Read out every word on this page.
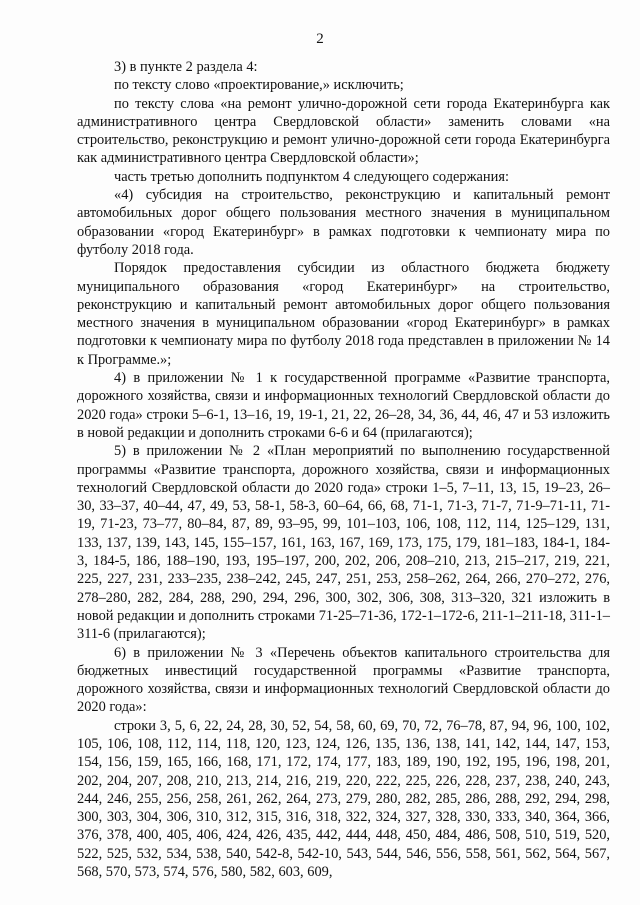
2

3) в пункте 2 раздела 4:

по тексту слово «проектирование,» исключить;

по тексту слова «на ремонт улично-дорожной сети города Екатеринбурга как административного центра Свердловской области» заменить словами «на строительство, реконструкцию и ремонт улично-дорожной сети города Екатеринбурга как административного центра Свердловской области»;

часть третью дополнить подпунктом 4 следующего содержания:

«4) субсидия на строительство, реконструкцию и капитальный ремонт автомобильных дорог общего пользования местного значения в муниципальном образовании «город Екатеринбург» в рамках подготовки к чемпионату мира по футболу 2018 года.

Порядок предоставления субсидии из областного бюджета бюджету муниципального образования «город Екатеринбург» на строительство, реконструкцию и капитальный ремонт автомобильных дорог общего пользования местного значения в муниципальном образовании «город Екатеринбург» в рамках подготовки к чемпионату мира по футболу 2018 года представлен в приложении № 14 к Программе.»;

4) в приложении № 1 к государственной программе «Развитие транспорта, дорожного хозяйства, связи и информационных технологий Свердловской области до 2020 года» строки 5–6-1, 13–16, 19, 19-1, 21, 22, 26–28, 34, 36, 44, 46, 47 и 53 изложить в новой редакции и дополнить строками 6-6 и 64 (прилагаются);

5) в приложении № 2 «План мероприятий по выполнению государственной программы «Развитие транспорта, дорожного хозяйства, связи и информационных технологий Свердловской области до 2020 года» строки 1–5, 7–11, 13, 15, 19–23, 26–30, 33–37, 40–44, 47, 49, 53, 58-1, 58-3, 60–64, 66, 68, 71-1, 71-3, 71-7, 71-9–71-11, 71-19, 71-23, 73–77, 80–84, 87, 89, 93–95, 99, 101–103, 106, 108, 112, 114, 125–129, 131, 133, 137, 139, 143, 145, 155–157, 161, 163, 167, 169, 173, 175, 179, 181–183, 184-1, 184-3, 184-5, 186, 188–190, 193, 195–197, 200, 202, 206, 208–210, 213, 215–217, 219, 221, 225, 227, 231, 233–235, 238–242, 245, 247, 251, 253, 258–262, 264, 266, 270–272, 276, 278–280, 282, 284, 288, 290, 294, 296, 300, 302, 306, 308, 313–320, 321 изложить в новой редакции и дополнить строками 71-25–71-36, 172-1–172-6, 211-1–211-18, 311-1–311-6 (прилагаются);

6) в приложении № 3 «Перечень объектов капитального строительства для бюджетных инвестиций государственной программы «Развитие транспорта, дорожного хозяйства, связи и информационных технологий Свердловской области до 2020 года»:

строки 3, 5, 6, 22, 24, 28, 30, 52, 54, 58, 60, 69, 70, 72, 76–78, 87, 94, 96, 100, 102, 105, 106, 108, 112, 114, 118, 120, 123, 124, 126, 135, 136, 138, 141, 142, 144, 147, 153, 154, 156, 159, 165, 166, 168, 171, 172, 174, 177, 183, 189, 190, 192, 195, 196, 198, 201, 202, 204, 207, 208, 210, 213, 214, 216, 219, 220, 222, 225, 226, 228, 237, 238, 240, 243, 244, 246, 255, 256, 258, 261, 262, 264, 273, 279, 280, 282, 285, 286, 288, 292, 294, 298, 300, 303, 304, 306, 310, 312, 315, 316, 318, 322, 324, 327, 328, 330, 333, 340, 364, 366, 376, 378, 400, 405, 406, 424, 426, 435, 442, 444, 448, 450, 484, 486, 508, 510, 519, 520, 522, 525, 532, 534, 538, 540, 542-8, 542-10, 543, 544, 546, 556, 558, 561, 562, 564, 567, 568, 570, 573, 574, 576, 580, 582, 603, 609,
